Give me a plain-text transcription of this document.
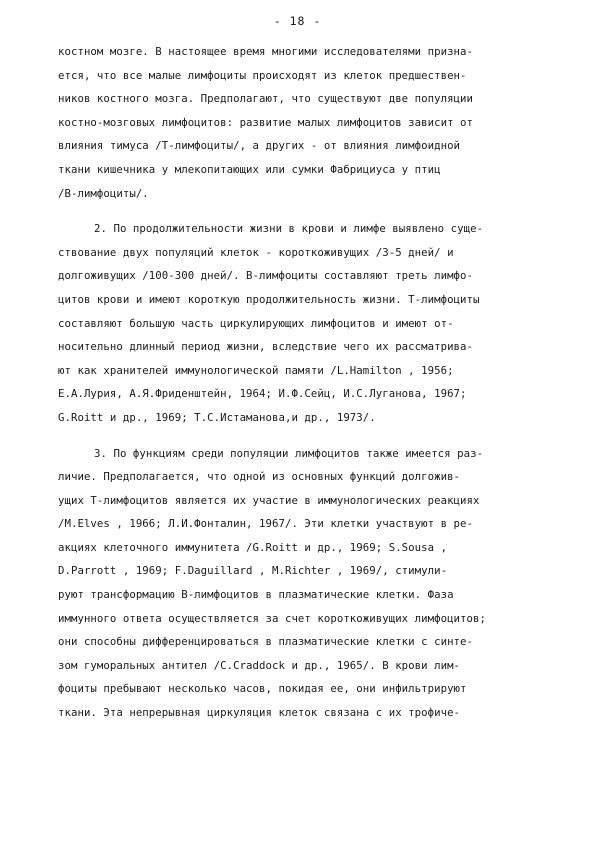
- 18 -
костном мозге. В настоящее время многими исследователями призна-
ется, что все малые лимфоциты происходят из клеток предшествен-
ников костного мозга. Предполагают, что существуют две популяции
костно-мозговых лимфоцитов: развитие малых лимфоцитов зависит от
влияния тимуса /Т-лимфоциты/, а других - от влияния лимфоидной
ткани кишечника у млекопитающих или сумки Фабрициуса у птиц
/В-лимфоциты/.
2. По продолжительности жизни в крови и лимфе выявлено суще-
ствование двух популяций клеток - короткоживущих /3-5 дней/ и
долгоживущих /100-300 дней/. В-лимфоциты составляют треть лимфо-
цитов крови и имеют короткую продолжительность жизни. Т-лимфоциты
составляют большую часть циркулирующих лимфоцитов и имеют от-
носительно длинный период жизни, вследствие чего их рассматрива-
ют как хранителей иммунологической памяти /L.Hamilton , 1956;
Е.А.Лурия, А.Я.Фриденштейн, 1964; И.Ф.Сейц, И.С.Луганова, 1967;
G.Roitt и др., 1969; Т.С.Истаманова,и др., 1973/.
3. По функциям среди популяции лимфоцитов также имеется раз-
личие. Предполагается, что одной из основных функций долгожив-
ущих Т-лимфоцитов является их участие в иммунологических реакциях
/M.Elves , 1966; Л.И.Фонталин, 1967/. Эти клетки участвуют в ре-
акциях клеточного иммунитета /G.Roitt и др., 1969; S.Sousa ,
D.Parrott , 1969; F.Daguillard , M.Richter , 1969/, стимули-
руют трансформацию В-лимфоцитов в плазматические клетки. Фаза
иммунного ответа осуществляется за счет короткоживущих лимфоцитов;
они способны дифференцироваться в плазматические клетки с синте-
зом гуморальных антител /C.Craddock и др., 1965/. В крови лим-
фоциты пребывают несколько часов, покидая ее, они инфильтрируют
ткани. Эта непрерывная циркуляция клеток связана с их трофиче-
